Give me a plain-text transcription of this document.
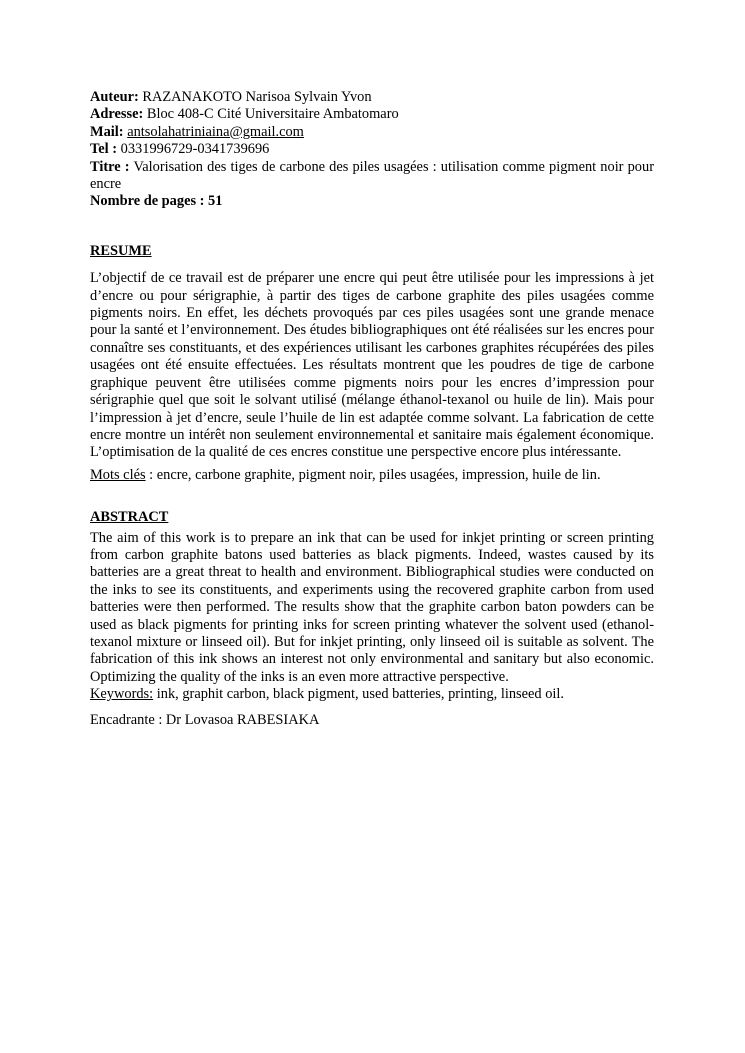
Auteur: RAZANAKOTO Narisoa Sylvain Yvon

Adresse: Bloc 408-C Cité Universitaire Ambatomaro

Mail: antsolahatriniaina@gmail.com

Tel : 0331996729-0341739696

Titre : Valorisation des tiges de carbone des piles usagées : utilisation comme pigment noir pour encre

Nombre de pages : 51

RESUME

L’objectif de ce travail est de préparer une encre qui peut être utilisée pour les impressions à jet d’encre ou pour sérigraphie, à partir des tiges de carbone graphite des piles usagées comme pigments noirs. En effet, les déchets provoqués par ces piles usagées sont une grande menace pour la santé et l’environnement. Des études bibliographiques ont été réalisées sur les encres pour connaître ses constituants, et des expériences utilisant les carbones graphites récupérées des piles usagées ont été ensuite effectuées. Les résultats montrent que les poudres de tige de carbone graphique peuvent être utilisées comme pigments noirs pour les encres d’impression pour sérigraphie quel que soit le solvant utilisé (mélange éthanol-texanol ou huile de lin). Mais pour l’impression à jet d’encre, seule l’huile de lin est adaptée comme solvant. La fabrication de cette encre montre un intérêt non seulement environnemental et sanitaire mais également économique. L’optimisation de la qualité de ces encres constitue une perspective encore plus intéressante.

Mots clés : encre, carbone graphite, pigment noir, piles usagées, impression, huile de lin.

ABSTRACT

The aim of this work is to prepare an ink that can be used for inkjet printing or screen printing from carbon graphite batons used batteries as black pigments. Indeed, wastes caused by its batteries are a great threat to health and environment. Bibliographical studies were conducted on the inks to see its constituents, and experiments using the recovered graphite carbon from used batteries were then performed. The results show that the graphite carbon baton powders can be used as black pigments for printing inks for screen printing whatever the solvent used (ethanol-texanol mixture or linseed oil). But for inkjet printing, only linseed oil is suitable as solvent. The fabrication of this ink shows an interest not only environmental and sanitary but also economic. Optimizing the quality of the inks is an even more attractive perspective.

Keywords: ink, graphit carbon, black pigment, used batteries, printing, linseed oil.

Encadrante : Dr Lovasoa RABESIAKA
